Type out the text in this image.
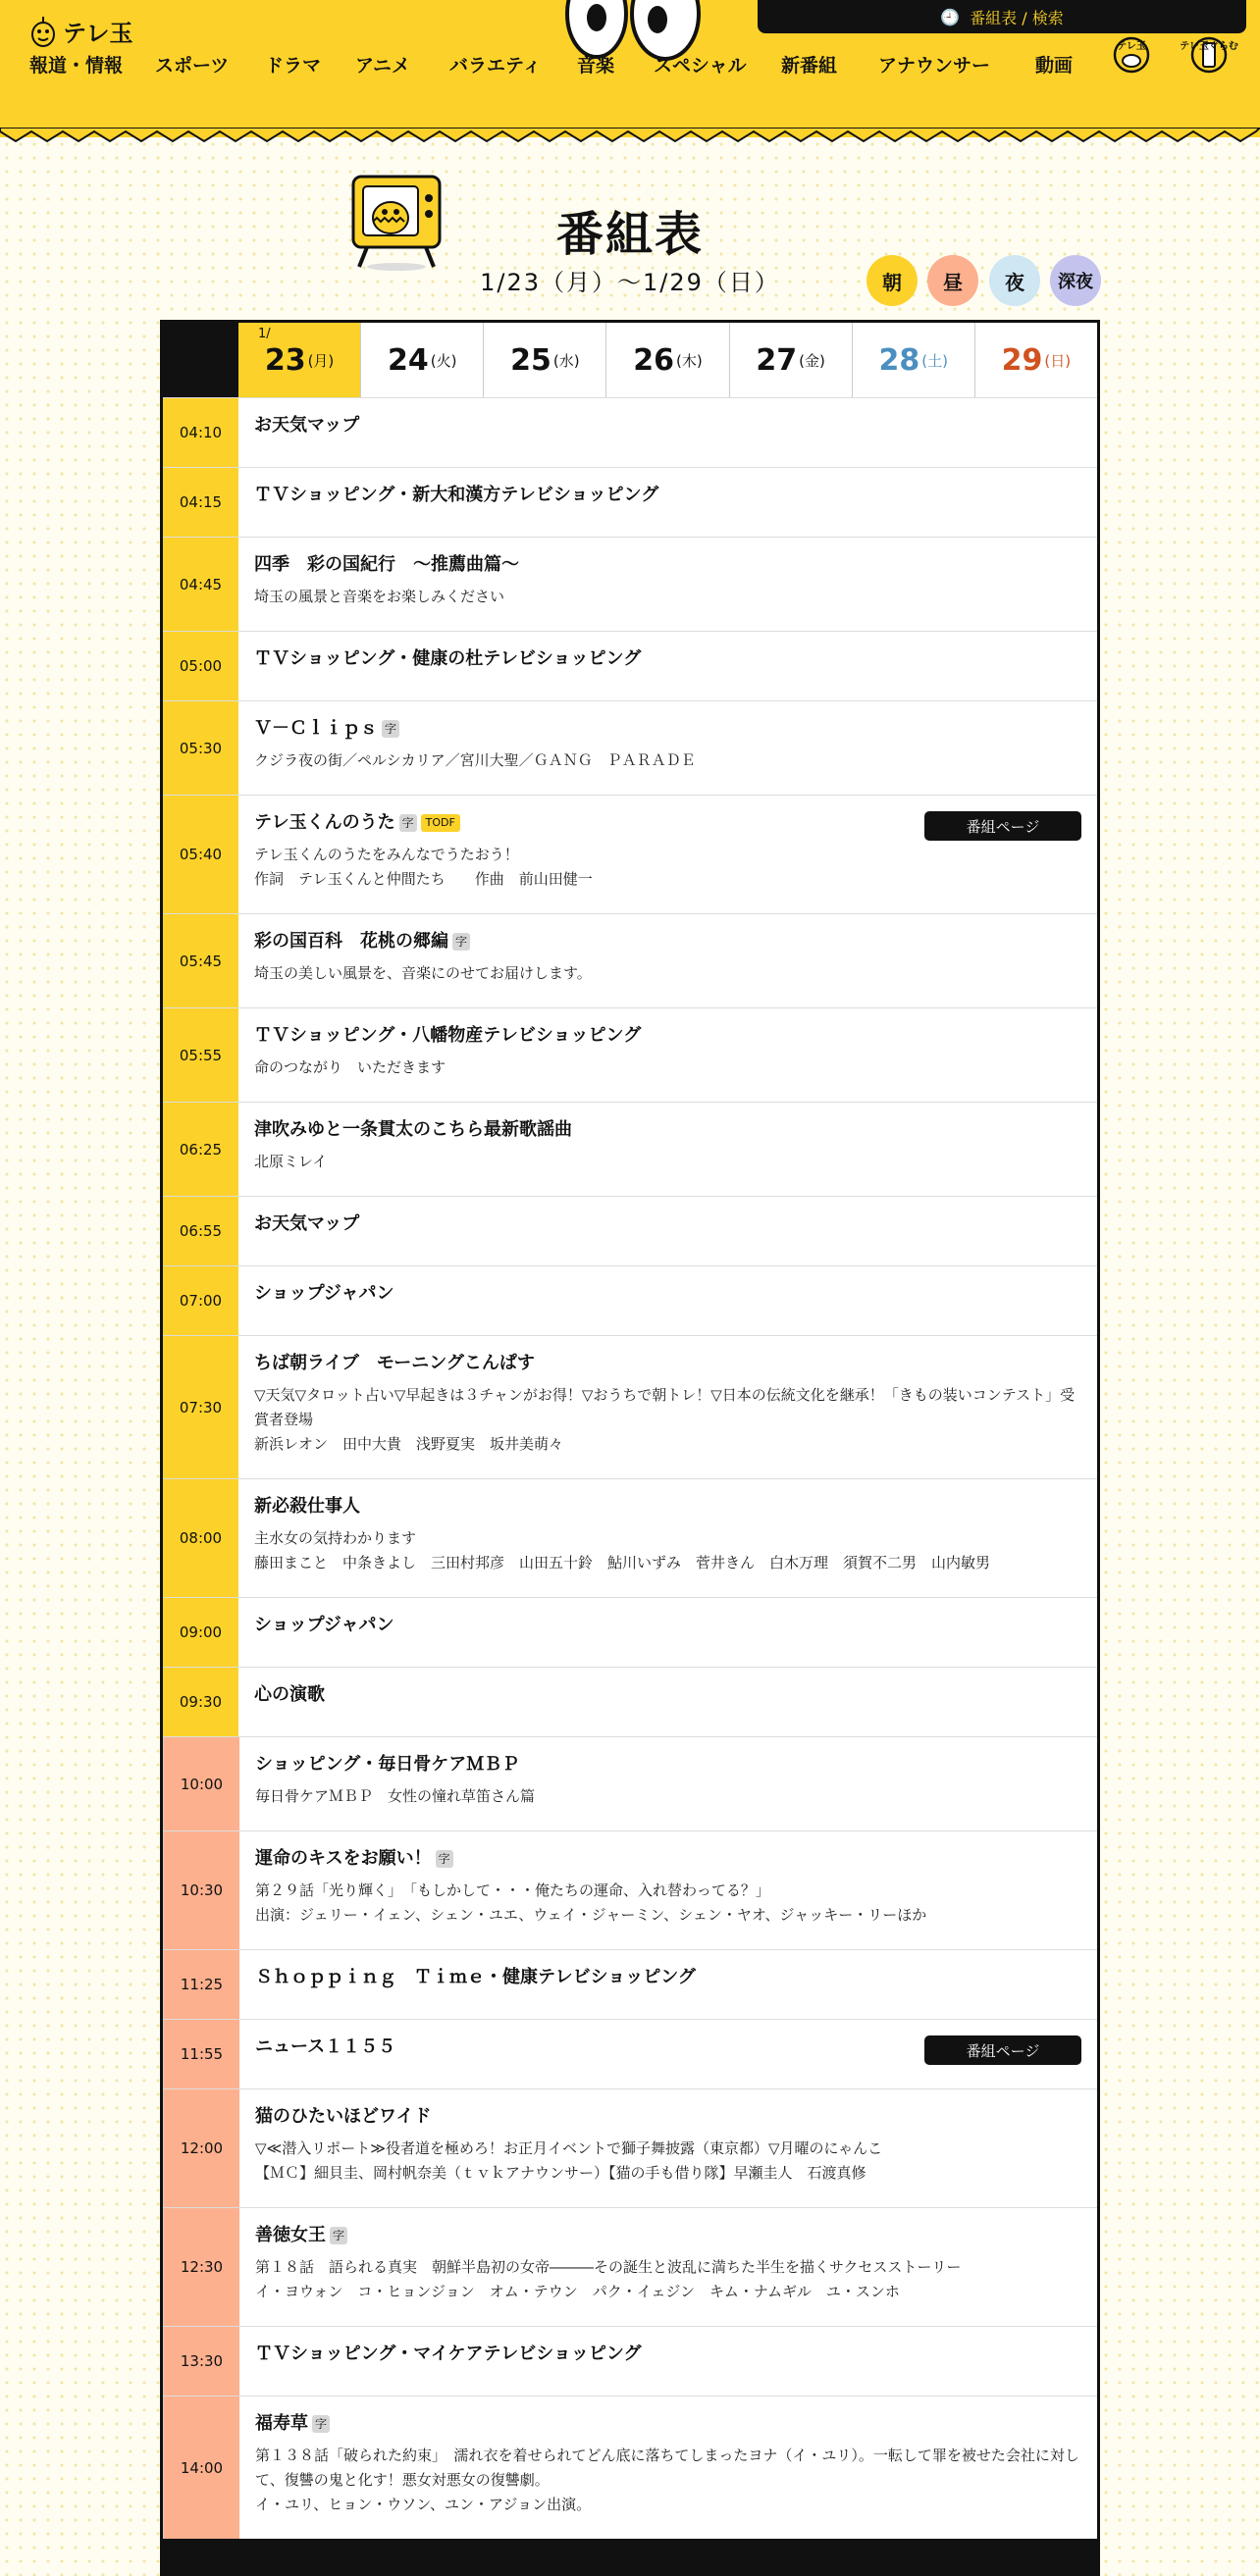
テレ玉
🕘 番組表 / 検索
報道・情報	スポーツ	ドラマ	アニメ	バラエティ	音楽	スペシャル	新番組	アナウンサー	動画
テレ玉	テレ玉ぐらむ
番組表
1/23（月）〜1/29（日）	朝 昼 夜 深夜
1/
23 (月) 24 (火) 25 (水) 26 (木) 27 (金) 28 (土) 29 (日)
04:10	お天気マップ
04:15	ＴＶショッピング・新大和漢方テレビショッピング
04:45
四季　彩の国紀行　～推薦曲篇～
埼玉の風景と音楽をお楽しみください
05:00	ＴＶショッピング・健康の杜テレビショッピング
05:30
Ｖ－Ｃｌｉｐｓ 字
クジラ夜の街／ペルシカリア／宮川大聖／ＧＡＮＧ　ＰＡＲＡＤＥ
05:40
テレ玉くんのうた 字	TODF
テレ玉くんのうたをみんなでうたおう！
作詞　テレ玉くんと仲間たち　　作曲　前山田健一
番組ページ
05:45
彩の国百科　花桃の郷編 字
埼玉の美しい風景を、音楽にのせてお届けします。
05:55
ＴＶショッピング・八幡物産テレビショッピング
命のつながり　いただきます
06:25
津吹みゆと一条貫太のこちら最新歌謡曲
北原ミレイ
06:55	お天気マップ
07:00	ショップジャパン
07:30
ちば朝ライブ　モーニングこんぱす
▽天気▽タロット占い▽早起きは３チャンがお得！▽おうちで朝トレ！▽日本の伝統文化を継承！「きもの装いコンテスト」受賞者登場
新浜レオン　田中大貴　浅野夏実　坂井美萌々
08:00
新必殺仕事人
主水女の気持わかります
藤田まこと　中条きよし　三田村邦彦　山田五十鈴　鮎川いずみ　菅井きん　白木万理　須賀不二男　山内敏男
09:00	ショップジャパン
09:30	心の演歌
10:00
ショッピング・毎日骨ケアＭＢＰ
毎日骨ケアＭＢＰ　女性の憧れ草笛さん篇
10:30
運命のキスをお願い！ 字
第２９話「光り輝く」　「もしかして・・・俺たちの運命、入れ替わってる？」
出演：ジェリー・イェン、シェン・ユエ、ウェイ・ジャーミン、シェン・ヤオ、ジャッキー・リーほか
11:25	Ｓｈｏｐｐｉｎｇ　Ｔｉｍｅ・健康テレビショッピング
11:55	ニュース１１５５	番組ページ
12:00
猫のひたいほどワイド
▽≪潜入リポート≫役者道を極めろ！お正月イベントで獅子舞披露（東京都）▽月曜のにゃんこ
【ＭＣ】細貝圭、岡村帆奈美（ｔｖｋアナウンサー）【猫の手も借り隊】早瀬圭人　石渡真修
12:30
善徳女王 字
第１８話　語られる真実　朝鮮半島初の女帝―――その誕生と波乱に満ちた半生を描くサクセスストーリー
イ・ヨウォン　コ・ヒョンジョン　オム・テウン　パク・イェジン　キム・ナムギル　ユ・スンホ
13:30	ＴＶショッピング・マイケアテレビショッピング
14:00
福寿草 字
第１３８話「破られた約束」　濡れ衣を着せられてどん底に落ちてしまったヨナ（イ・ユリ）。一転して罪を被せた会社に対して、復讐の鬼と化す！悪女対悪女の復讐劇。
イ・ユリ、ヒョン・ウソン、ユン・アジョン出演。
